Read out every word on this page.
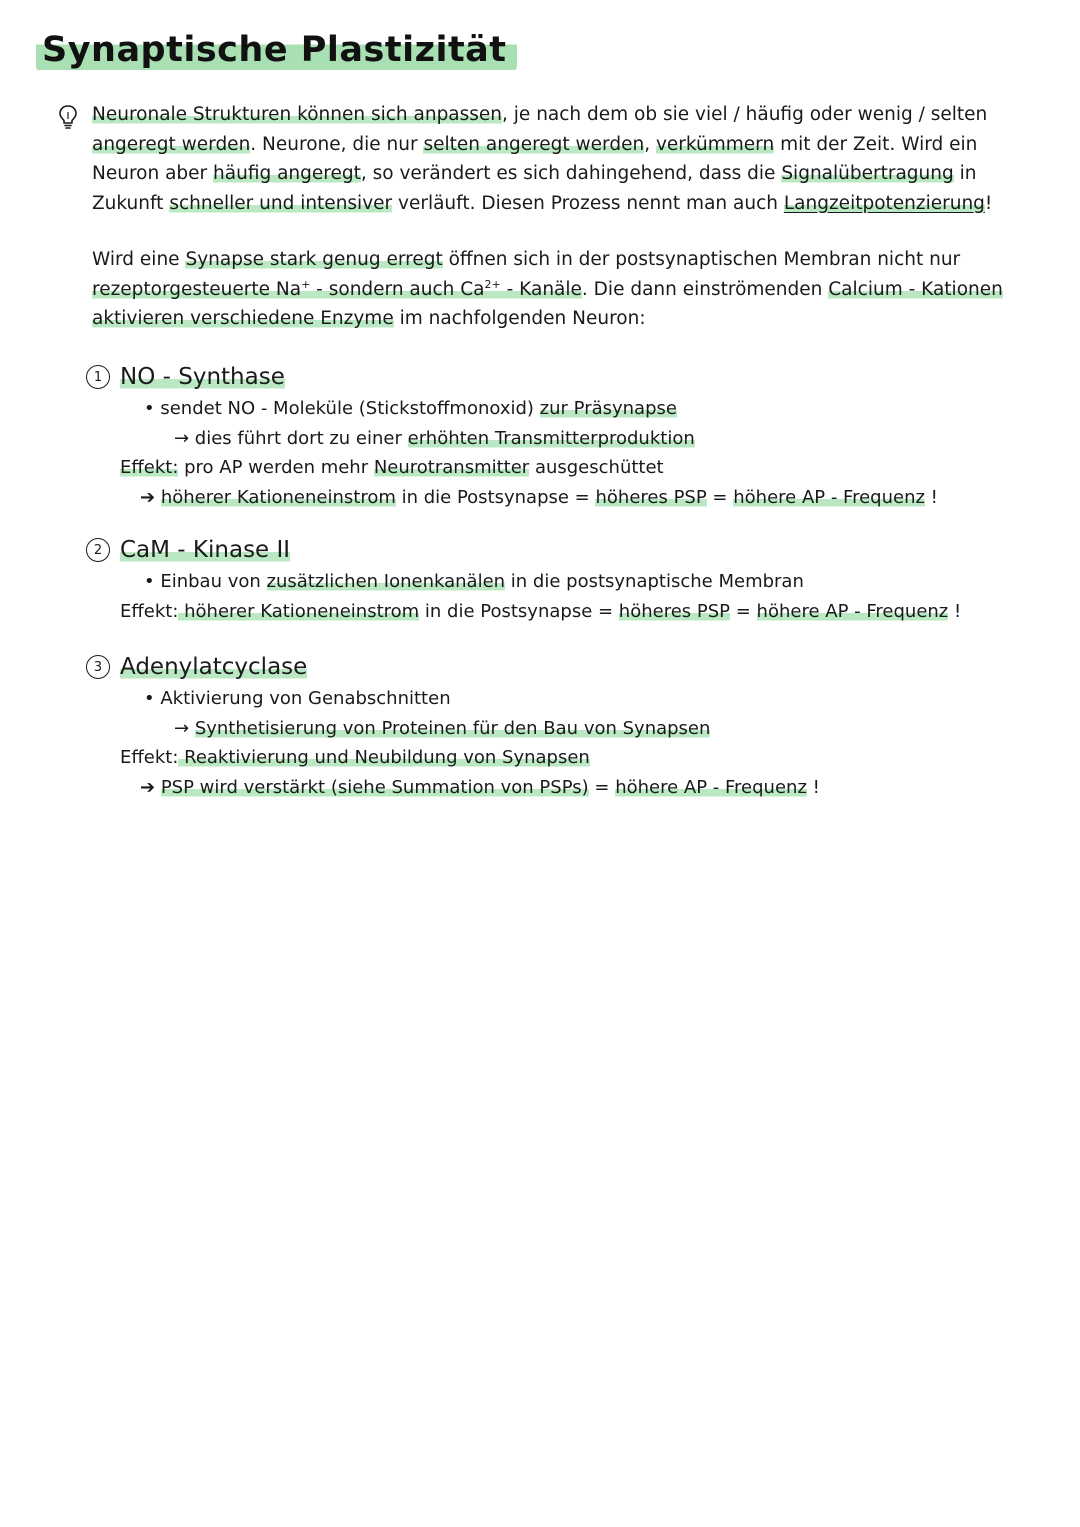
Synaptische Plastizität

Neuronale Strukturen können sich anpassen, je nach dem ob sie viel / häufig oder wenig / selten
angeregt werden. Neurone, die nur selten angeregt werden, verkümmern mit der Zeit. Wird ein
Neuron aber häufig angeregt, so verändert es sich dahingehend, dass die Signalübertragung in
Zukunft schneller und intensiver verläuft. Diesen Prozess nennt man auch Langzeitpotenzierung!

Wird eine Synapse stark genug erregt öffnen sich in der postsynaptischen Membran nicht nur
rezeptorgesteuerte Na+ - sondern auch $Ca^{2+}$ - Kanäle. Die dann einströmenden Calcium - Kationen
aktivieren verschiedene Enzyme im nachfolgenden Neuron:

1 NO - Synthase
• sendet NO - Moleküle (Stickstoffmonoxid) zur Präsynapse
→ dies führt dort zu einer erhöhten Transmitterproduktion
Effekt: pro AP werden mehr Neurotransmitter ausgeschüttet
➔ höherer Kationeneinstrom in die Postsynapse = höheres PSP = höhere AP - Frequenz !
2 CaM - Kinase II
• Einbau von zusätzlichen Ionenkanälen in die postsynaptische Membran
Effekt: höherer Kationeneinstrom in die Postsynapse = höheres PSP = höhere AP - Frequenz !
3 Adenylatcyclase
• Aktivierung von Genabschnitten
→ Synthetisierung von Proteinen für den Bau von Synapsen
Effekt: Reaktivierung und Neubildung von Synapsen
➔ PSP wird verstärkt (siehe Summation von PSPs) = höhere AP - Frequenz !
